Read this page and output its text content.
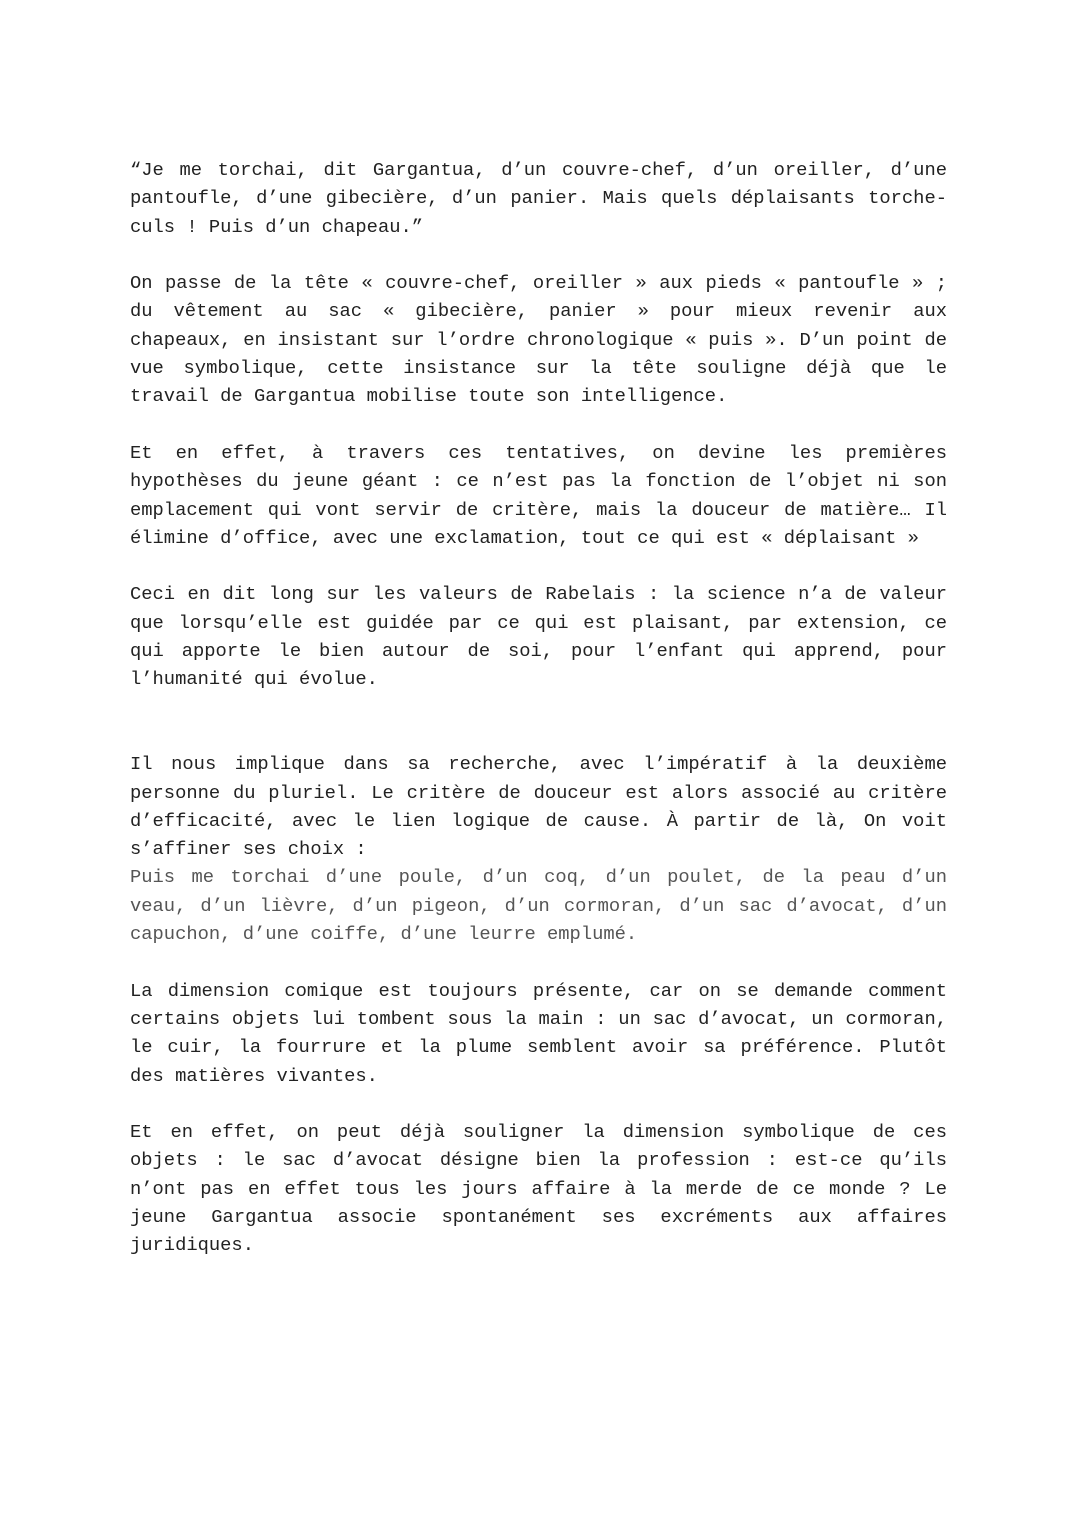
“Je me torchai, dit Gargantua, d’un couvre-chef, d’un oreiller, d’une pantoufle, d’une gibecière, d’un panier. Mais quels déplaisants torche-culs ! Puis d’un chapeau.”

On passe de la tête « couvre-chef, oreiller » aux pieds « pantoufle » ; du vêtement au sac « gibecière, panier » pour mieux revenir aux chapeaux, en insistant sur l’ordre chronologique « puis ». D’un point de vue symbolique, cette insistance sur la tête souligne déjà que le travail de Gargantua mobilise toute son intelligence.

Et en effet, à travers ces tentatives, on devine les premières hypothèses du jeune géant : ce n’est pas la fonction de l’objet ni son emplacement qui vont servir de critère, mais la douceur de matière… Il élimine d’office, avec une exclamation, tout ce qui est « déplaisant »

Ceci en dit long sur les valeurs de Rabelais : la science n’a de valeur que lorsqu’elle est guidée par ce qui est plaisant, par extension, ce qui apporte le bien autour de soi, pour l’enfant qui apprend, pour l’humanité qui évolue.

Il nous implique dans sa recherche, avec l’impératif à la deuxième personne du pluriel. Le critère de douceur est alors associé au critère d’efficacité, avec le lien logique de cause. À partir de là, On voit s’affiner ses choix :

Puis me torchai d’une poule, d’un coq, d’un poulet, de la peau d’un veau, d’un lièvre, d’un pigeon, d’un cormoran, d’un sac d’avocat, d’un capuchon, d’une coiffe, d’une leurre emplumé.

La dimension comique est toujours présente, car on se demande comment certains objets lui tombent sous la main : un sac d’avocat, un cormoran, le cuir, la fourrure et la plume semblent avoir sa préférence. Plutôt des matières vivantes.

Et en effet, on peut déjà souligner la dimension symbolique de ces objets : le sac d’avocat désigne bien la profession : est-ce qu’ils n’ont pas en effet tous les jours affaire à la merde de ce monde ? Le jeune Gargantua associe spontanément ses excréments aux affaires juridiques.
